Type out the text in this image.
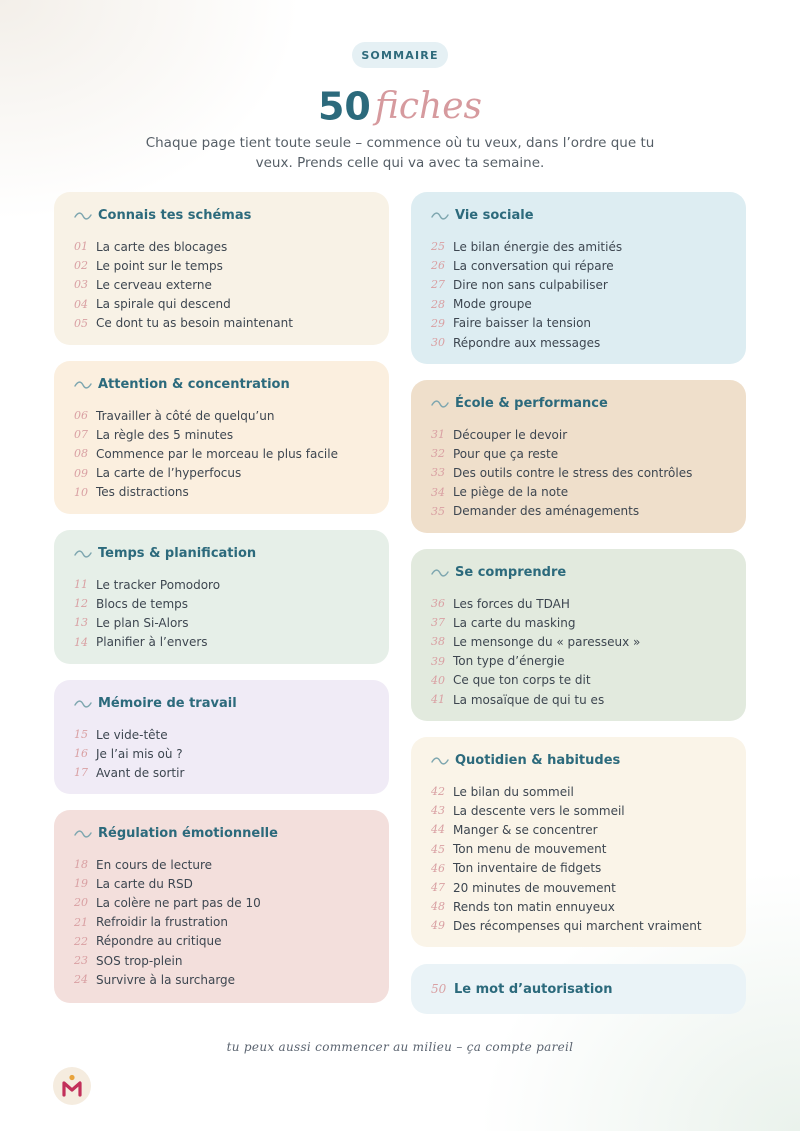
SOMMAIRE
50 fiches
Chaque page tient toute seule – commence où tu veux, dans l’ordre que tu veux. Prends celle qui va avec ta semaine.
Connais tes schémas
01 La carte des blocages
02 Le point sur le temps
03 Le cerveau externe
04 La spirale qui descend
05 Ce dont tu as besoin maintenant
Attention & concentration
06 Travailler à côté de quelqu’un
07 La règle des 5 minutes
08 Commence par le morceau le plus facile
09 La carte de l’hyperfocus
10 Tes distractions
Temps & planification
11 Le tracker Pomodoro
12 Blocs de temps
13 Le plan Si-Alors
14 Planifier à l’envers
Mémoire de travail
15 Le vide-tête
16 Je l’ai mis où ?
17 Avant de sortir
Régulation émotionnelle
18 En cours de lecture
19 La carte du RSD
20 La colère ne part pas de 10
21 Refroidir la frustration
22 Répondre au critique
23 SOS trop-plein
24 Survivre à la surcharge
Vie sociale
25 Le bilan énergie des amitiés
26 La conversation qui répare
27 Dire non sans culpabiliser
28 Mode groupe
29 Faire baisser la tension
30 Répondre aux messages
École & performance
31 Découper le devoir
32 Pour que ça reste
33 Des outils contre le stress des contrôles
34 Le piège de la note
35 Demander des aménagements
Se comprendre
36 Les forces du TDAH
37 La carte du masking
38 Le mensonge du « paresseux »
39 Ton type d’énergie
40 Ce que ton corps te dit
41 La mosaïque de qui tu es
Quotidien & habitudes
42 Le bilan du sommeil
43 La descente vers le sommeil
44 Manger & se concentrer
45 Ton menu de mouvement
46 Ton inventaire de fidgets
47 20 minutes de mouvement
48 Rends ton matin ennuyeux
49 Des récompenses qui marchent vraiment
50 Le mot d’autorisation
tu peux aussi commencer au milieu – ça compte pareil
